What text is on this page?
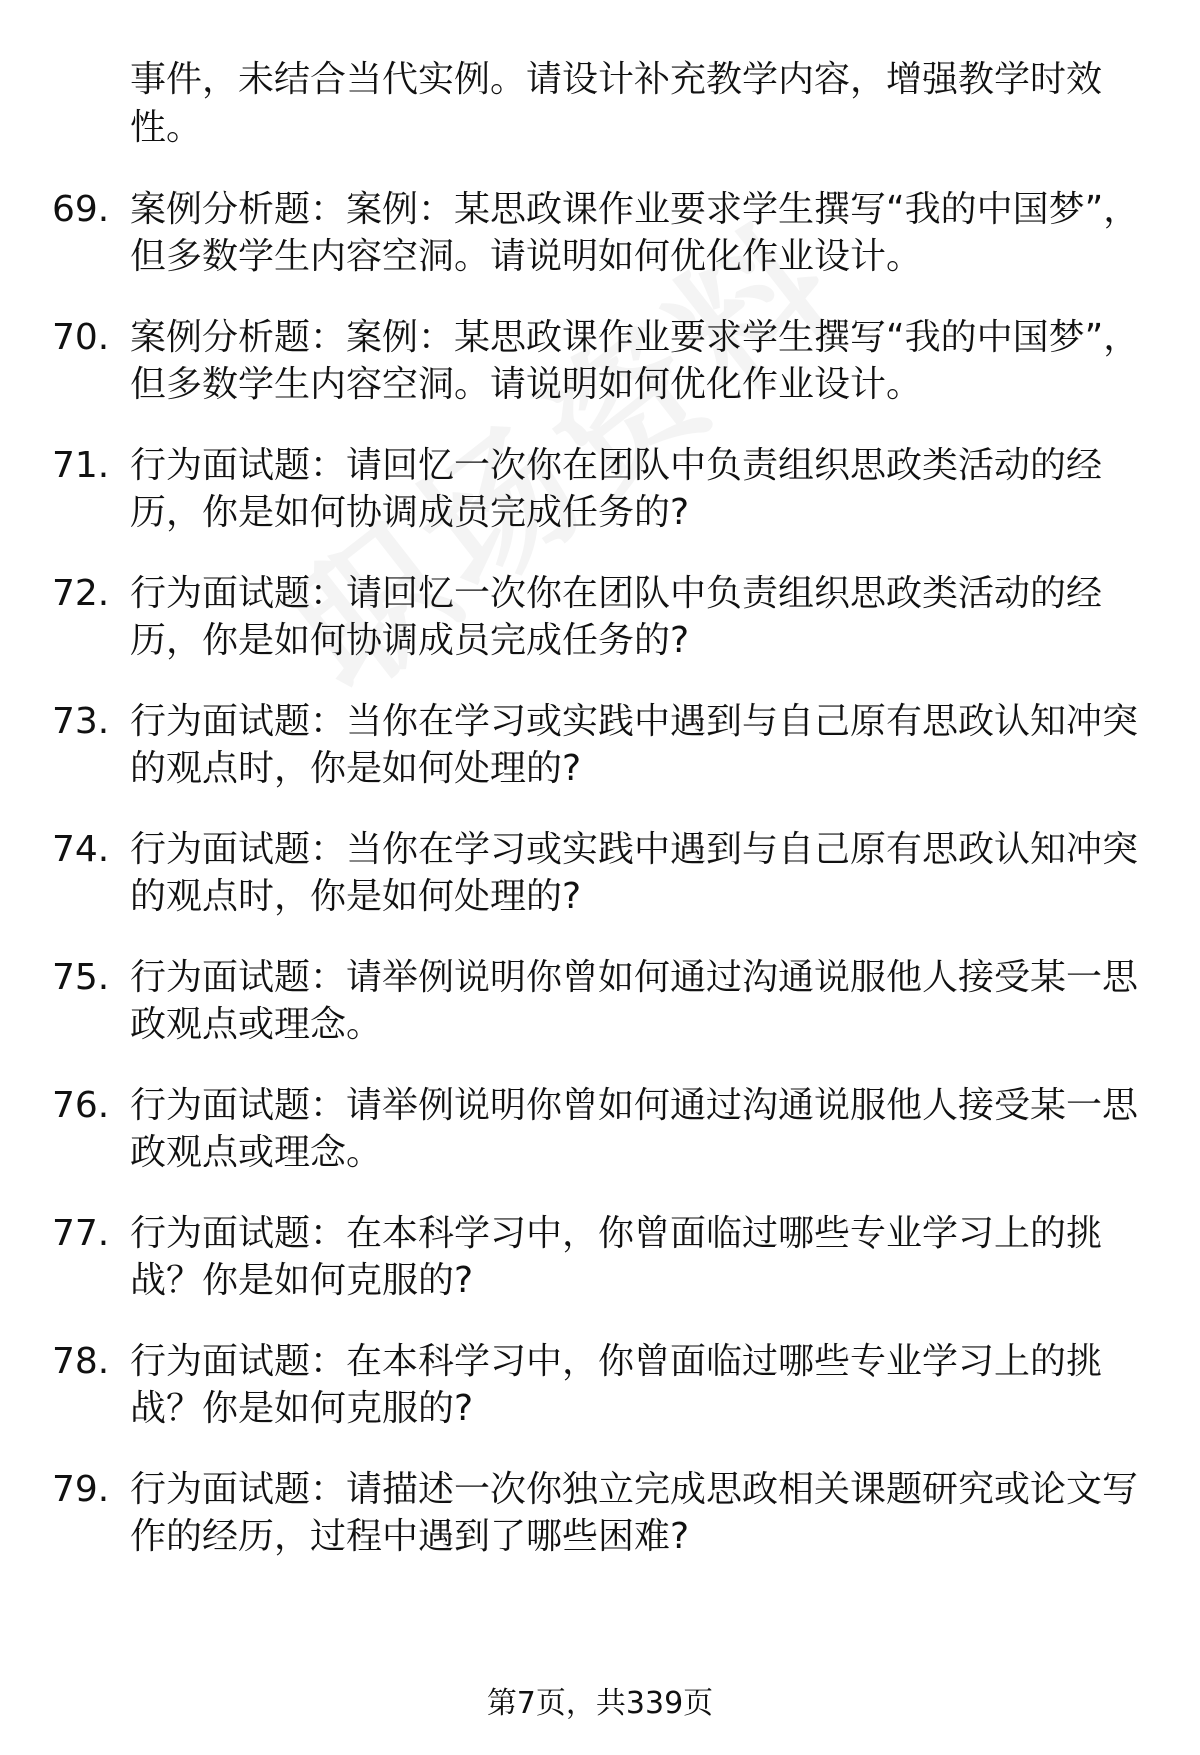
事件，未结合当代实例。请设计补充教学内容，增强教学时效性。
69. 案例分析题：案例：某思政课作业要求学生撰写“我的中国梦”，但多数学生内容空洞。请说明如何优化作业设计。
70. 案例分析题：案例：某思政课作业要求学生撰写“我的中国梦”，但多数学生内容空洞。请说明如何优化作业设计。
71. 行为面试题：请回忆一次你在团队中负责组织思政类活动的经历，你是如何协调成员完成任务的?
72. 行为面试题：请回忆一次你在团队中负责组织思政类活动的经历，你是如何协调成员完成任务的?
73. 行为面试题：当你在学习或实践中遇到与自己原有思政认知冲突的观点时，你是如何处理的?
74. 行为面试题：当你在学习或实践中遇到与自己原有思政认知冲突的观点时，你是如何处理的?
75. 行为面试题：请举例说明你曾如何通过沟通说服他人接受某一思政观点或理念。
76. 行为面试题：请举例说明你曾如何通过沟通说服他人接受某一思政观点或理念。
77. 行为面试题：在本科学习中，你曾面临过哪些专业学习上的挑战？你是如何克服的?
78. 行为面试题：在本科学习中，你曾面临过哪些专业学习上的挑战？你是如何克服的?
79. 行为面试题：请描述一次你独立完成思政相关课题研究或论文写作的经历，过程中遇到了哪些困难?
第7页，共339页
